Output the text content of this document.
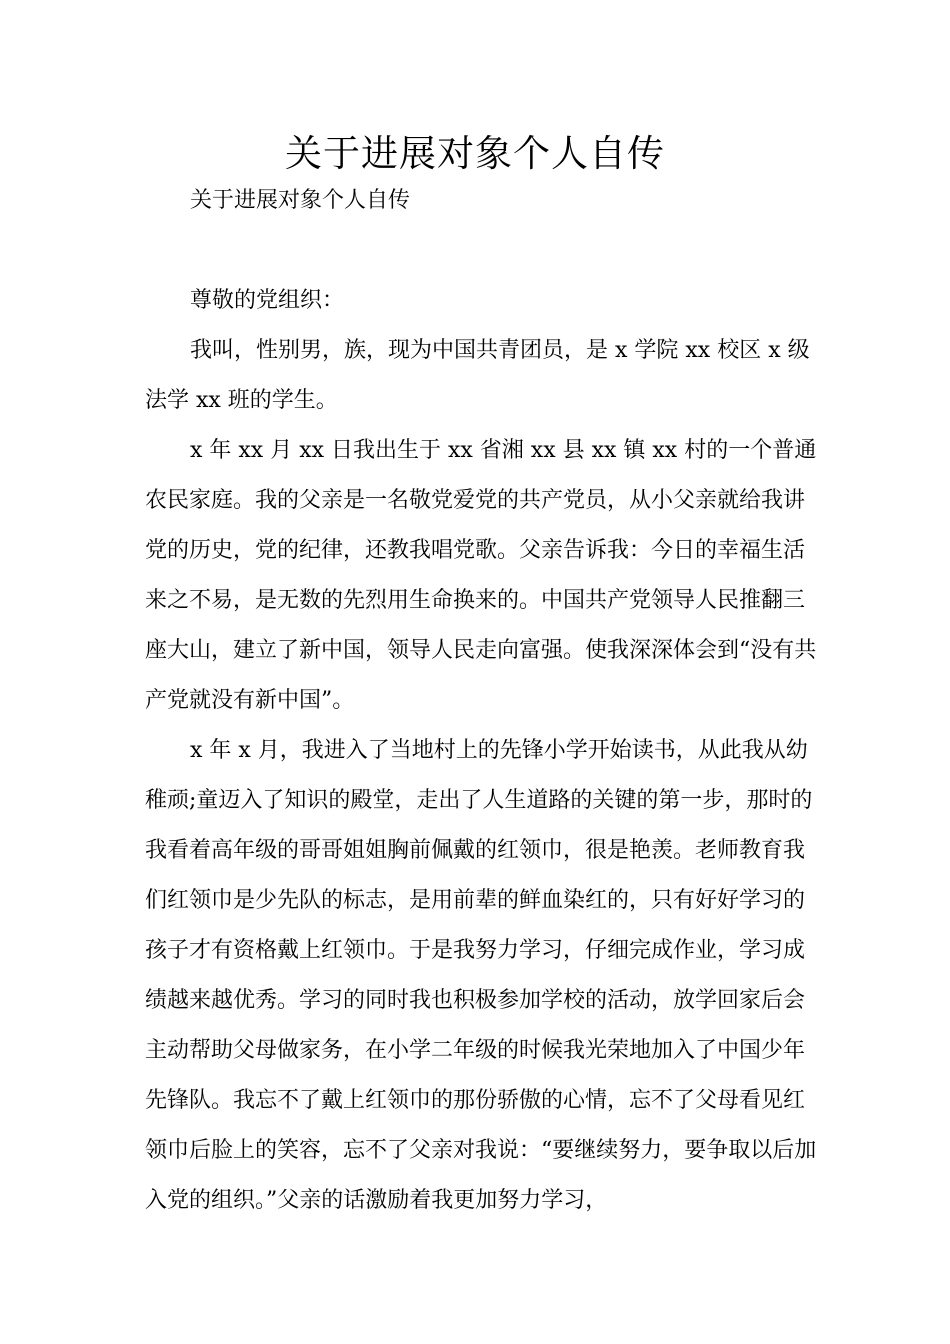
关于进展对象个人自传

关于进展对象个人自传

尊敬的党组织：

我叫，性别男，族，现为中国共青团员，是 x 学院 xx 校区 x 级法学 xx 班的学生。

x 年 xx 月 xx 日我出生于 xx 省湘 xx 县 xx 镇 xx 村的一个普通农民家庭。我的父亲是一名敬党爱党的共产党员，从小父亲就给我讲党的历史，党的纪律，还教我唱党歌。父亲告诉我：今日的幸福生活来之不易，是无数的先烈用生命换来的。中国共产党领导人民推翻三座大山，建立了新中国，领导人民走向富强。使我深深体会到“没有共产党就没有新中国”。

x 年 x 月，我进入了当地村上的先锋小学开始读书，从此我从幼稚顽;童迈入了知识的殿堂，走出了人生道路的关键的第一步，那时的我看着高年级的哥哥姐姐胸前佩戴的红领巾，很是艳羡。老师教育我们红领巾是少先队的标志，是用前辈的鲜血染红的，只有好好学习的孩子才有资格戴上红领巾。于是我努力学习，仔细完成作业，学习成绩越来越优秀。学习的同时我也积极参加学校的活动，放学回家后会主动帮助父母做家务，在小学二年级的时候我光荣地加入了中国少年先锋队。我忘不了戴上红领巾的那份骄傲的心情，忘不了父母看见红领巾后脸上的笑容，忘不了父亲对我说：“要继续努力，要争取以后加入党的组织。”父亲的话激励着我更加努力学习，
